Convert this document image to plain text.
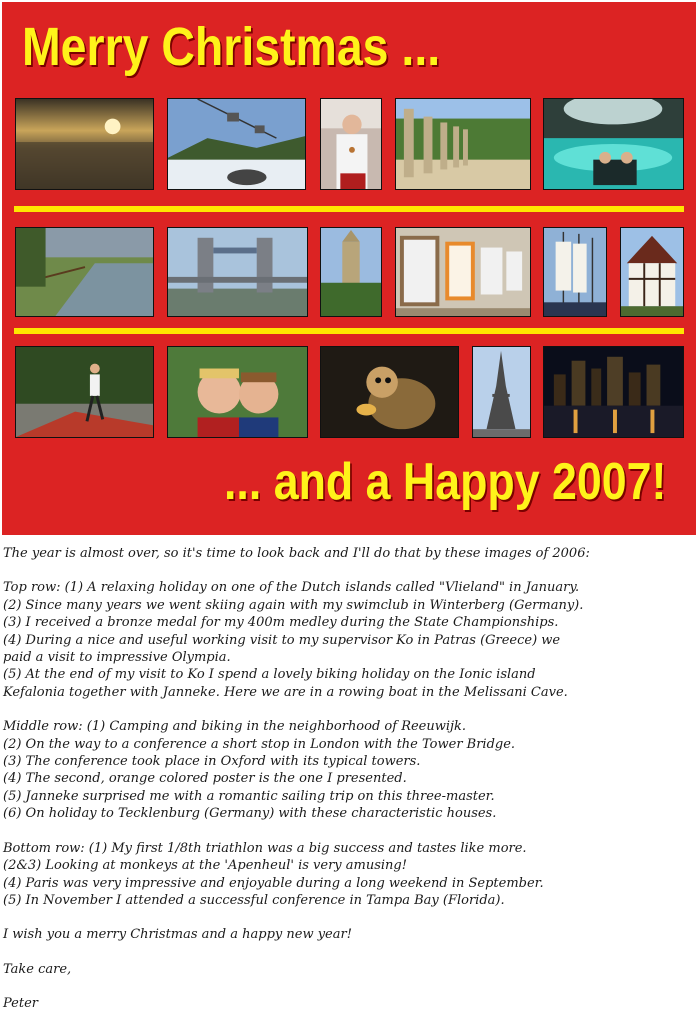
Merry Christmas ...
... and a Happy 2007!

The year is almost over, so it's time to look back and I'll do that by these images of 2006:

Top row: (1) A relaxing holiday on one of the Dutch islands called "Vlieland" in January.

(2) Since many years we went skiing again with my swimclub in Winterberg (Germany).

(3) I received a bronze medal for my 400m medley during the State Championships.

(4) During a nice and useful working visit to my supervisor Ko in Patras (Greece) we

paid a visit to impressive Olympia.

(5) At the end of my visit to Ko I spend a lovely biking holiday on the Ionic island

Kefalonia together with Janneke. Here we are in a rowing boat in the Melissani Cave.

Middle row: (1) Camping and biking in the neighborhood of Reeuwijk.

(2) On the way to a conference a short stop in London with the Tower Bridge.

(3) The conference took place in Oxford with its typical towers.

(4) The second, orange colored poster is the one I presented.

(5) Janneke surprised me with a romantic sailing trip on this three-master.

(6) On holiday to Tecklenburg (Germany) with these characteristic houses.

Bottom row: (1) My first 1/8th triathlon was a big success and tastes like more.

(2&3) Looking at monkeys at the 'Apenheul' is very amusing!

(4) Paris was very impressive and enjoyable during a long weekend in September.

(5) In November I attended a successful conference in Tampa Bay (Florida).

I wish you a merry Christmas and a happy new year!

Take care,

Peter
